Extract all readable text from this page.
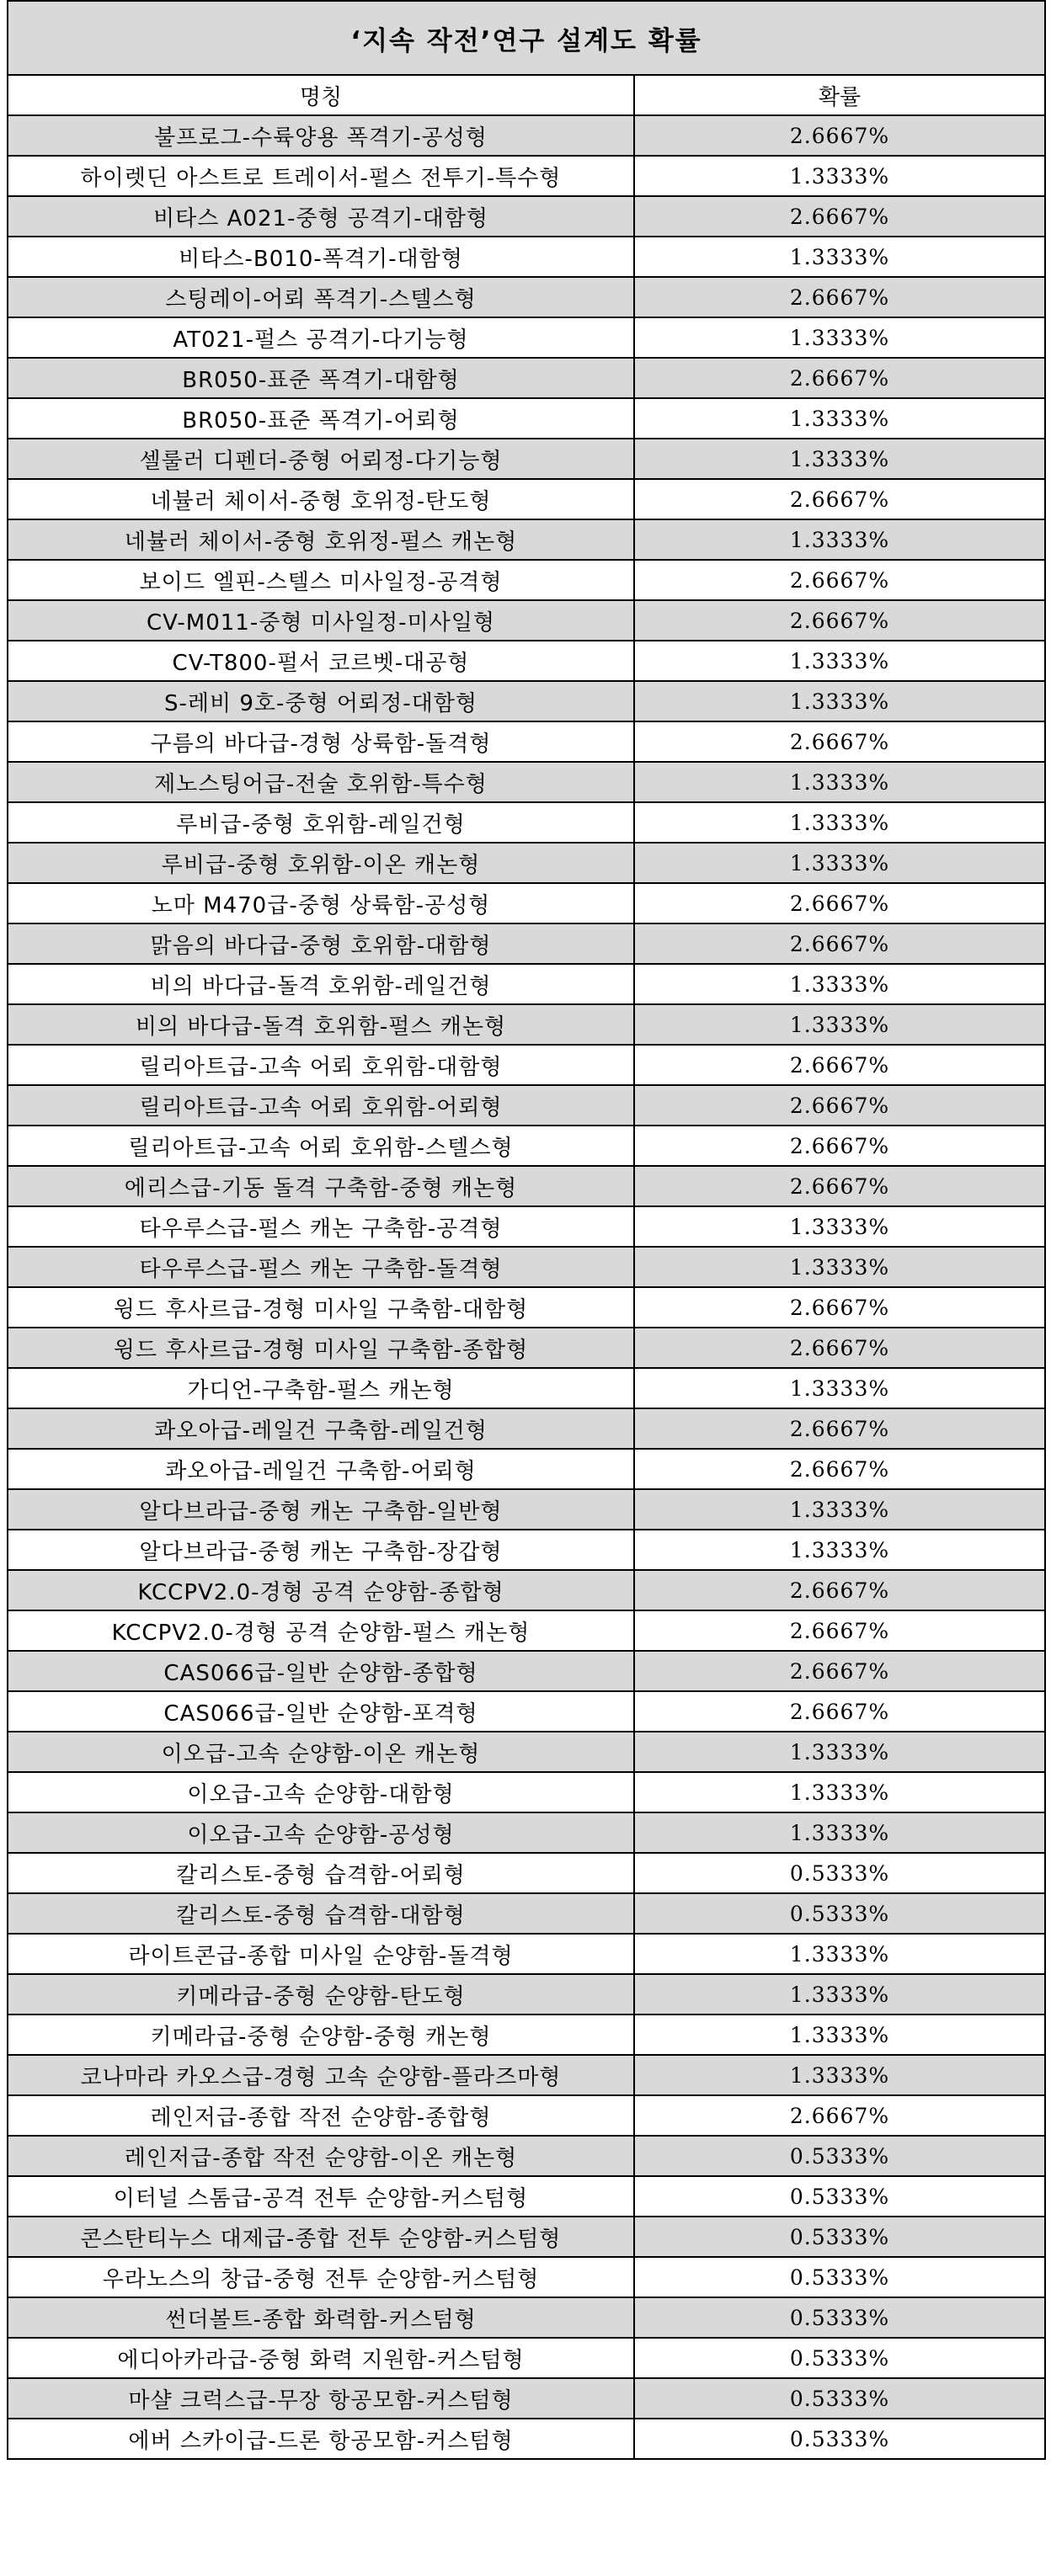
‘지속 작전’연구 설계도 확률	
명칭	확률
불프로그-수륙양용 폭격기-공성형	2.6667%
하이렛딘 아스트로 트레이서-펄스 전투기-특수형	1.3333%
비타스 A021-중형 공격기-대함형	2.6667%
비타스-B010-폭격기-대함형	1.3333%
스팅레이-어뢰 폭격기-스텔스형	2.6667%
AT021-펄스 공격기-다기능형	1.3333%
BR050-표준 폭격기-대함형	2.6667%
BR050-표준 폭격기-어뢰형	1.3333%
셀룰러 디펜더-중형 어뢰정-다기능형	1.3333%
네뷸러 체이서-중형 호위정-탄도형	2.6667%
네뷸러 체이서-중형 호위정-펄스 캐논형	1.3333%
보이드 엘핀-스텔스 미사일정-공격형	2.6667%
CV-M011-중형 미사일정-미사일형	2.6667%
CV-T800-펄서 코르벳-대공형	1.3333%
S-레비 9호-중형 어뢰정-대함형	1.3333%
구름의 바다급-경형 상륙함-돌격형	2.6667%
제노스팅어급-전술 호위함-특수형	1.3333%
루비급-중형 호위함-레일건형	1.3333%
루비급-중형 호위함-이온 캐논형	1.3333%
노마 M470급-중형 상륙함-공성형	2.6667%
맑음의 바다급-중형 호위함-대함형	2.6667%
비의 바다급-돌격 호위함-레일건형	1.3333%
비의 바다급-돌격 호위함-펄스 캐논형	1.3333%
릴리아트급-고속 어뢰 호위함-대함형	2.6667%
릴리아트급-고속 어뢰 호위함-어뢰형	2.6667%
릴리아트급-고속 어뢰 호위함-스텔스형	2.6667%
에리스급-기동 돌격 구축함-중형 캐논형	2.6667%
타우루스급-펄스 캐논 구축함-공격형	1.3333%
타우루스급-펄스 캐논 구축함-돌격형	1.3333%
윙드 후사르급-경형 미사일 구축함-대함형	2.6667%
윙드 후사르급-경형 미사일 구축함-종합형	2.6667%
가디언-구축함-펄스 캐논형	1.3333%
콰오아급-레일건 구축함-레일건형	2.6667%
콰오아급-레일건 구축함-어뢰형	2.6667%
알다브라급-중형 캐논 구축함-일반형	1.3333%
알다브라급-중형 캐논 구축함-장갑형	1.3333%
KCCPV2.0-경형 공격 순양함-종합형	2.6667%
KCCPV2.0-경형 공격 순양함-펄스 캐논형	2.6667%
CAS066급-일반 순양함-종합형	2.6667%
CAS066급-일반 순양함-포격형	2.6667%
이오급-고속 순양함-이온 캐논형	1.3333%
이오급-고속 순양함-대함형	1.3333%
이오급-고속 순양함-공성형	1.3333%
칼리스토-중형 습격함-어뢰형	0.5333%
칼리스토-중형 습격함-대함형	0.5333%
라이트콘급-종합 미사일 순양함-돌격형	1.3333%
키메라급-중형 순양함-탄도형	1.3333%
키메라급-중형 순양함-중형 캐논형	1.3333%
코나마라 카오스급-경형 고속 순양함-플라즈마형	1.3333%
레인저급-종합 작전 순양함-종합형	2.6667%
레인저급-종합 작전 순양함-이온 캐논형	0.5333%
이터널 스톰급-공격 전투 순양함-커스텀형	0.5333%
콘스탄티누스 대제급-종합 전투 순양함-커스텀형	0.5333%
우라노스의 창급-중형 전투 순양함-커스텀형	0.5333%
썬더볼트-종합 화력함-커스텀형	0.5333%
에디아카라급-중형 화력 지원함-커스텀형	0.5333%
마샬 크럭스급-무장 항공모함-커스텀형	0.5333%
에버 스카이급-드론 항공모함-커스텀형	0.5333%
